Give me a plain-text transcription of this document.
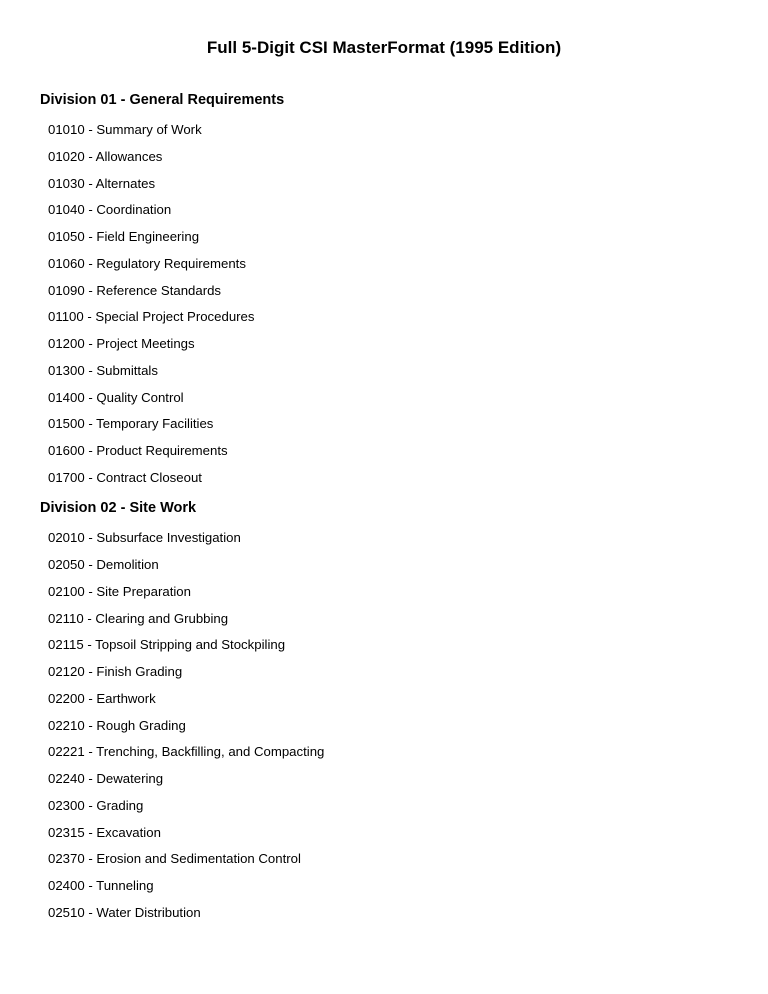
Full 5-Digit CSI MasterFormat (1995 Edition)
Division 01 - General Requirements
01010 - Summary of Work
01020 - Allowances
01030 - Alternates
01040 - Coordination
01050 - Field Engineering
01060 - Regulatory Requirements
01090 - Reference Standards
01100 - Special Project Procedures
01200 - Project Meetings
01300 - Submittals
01400 - Quality Control
01500 - Temporary Facilities
01600 - Product Requirements
01700 - Contract Closeout
Division 02 - Site Work
02010 - Subsurface Investigation
02050 - Demolition
02100 - Site Preparation
02110 - Clearing and Grubbing
02115 - Topsoil Stripping and Stockpiling
02120 - Finish Grading
02200 - Earthwork
02210 - Rough Grading
02221 - Trenching, Backfilling, and Compacting
02240 - Dewatering
02300 - Grading
02315 - Excavation
02370 - Erosion and Sedimentation Control
02400 - Tunneling
02510 - Water Distribution
